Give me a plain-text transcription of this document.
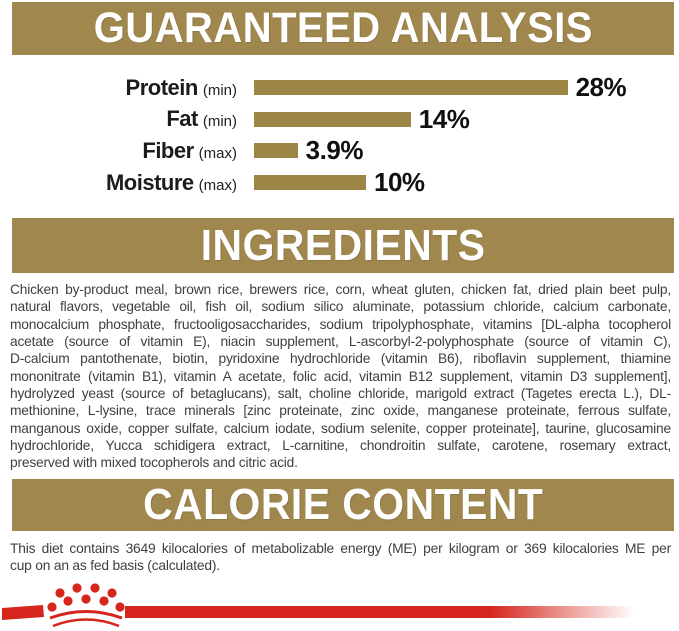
GUARANTEED ANALYSIS
Protein (min)	28%
Fat (min)	14%
Fiber (max)	3.9%
Moisture (max)	10%
INGREDIENTS
Chicken by-product meal, brown rice, brewers rice, corn, wheat gluten, chicken fat, dried plain beet pulp,
natural flavors, vegetable oil, fish oil, sodium silico aluminate, potassium chloride, calcium carbonate,
monocalcium phosphate, fructooligosaccharides, sodium tripolyphosphate, vitamins [DL-alpha tocopherol
acetate (source of vitamin E), niacin supplement, L-ascorbyl-2-polyphosphate (source of vitamin C),
D-calcium pantothenate, biotin, pyridoxine hydrochloride (vitamin B6), riboflavin supplement, thiamine
mononitrate (vitamin B1), vitamin A acetate, folic acid, vitamin B12 supplement, vitamin D3 supplement],
hydrolyzed yeast (source of betaglucans), salt, choline chloride, marigold extract (Tagetes erecta L.), DL-
methionine, L-lysine, trace minerals [zinc proteinate, zinc oxide, manganese proteinate, ferrous sulfate,
manganous oxide, copper sulfate, calcium iodate, sodium selenite, copper proteinate], taurine, glucosamine
hydrochloride, Yucca schidigera extract, L-carnitine, chondroitin sulfate, carotene, rosemary extract,
preserved with mixed tocopherols and citric acid.
CALORIE CONTENT
This diet contains 3649 kilocalories of metabolizable energy (ME) per kilogram or 369 kilocalories ME per
cup on an as fed basis (calculated).
